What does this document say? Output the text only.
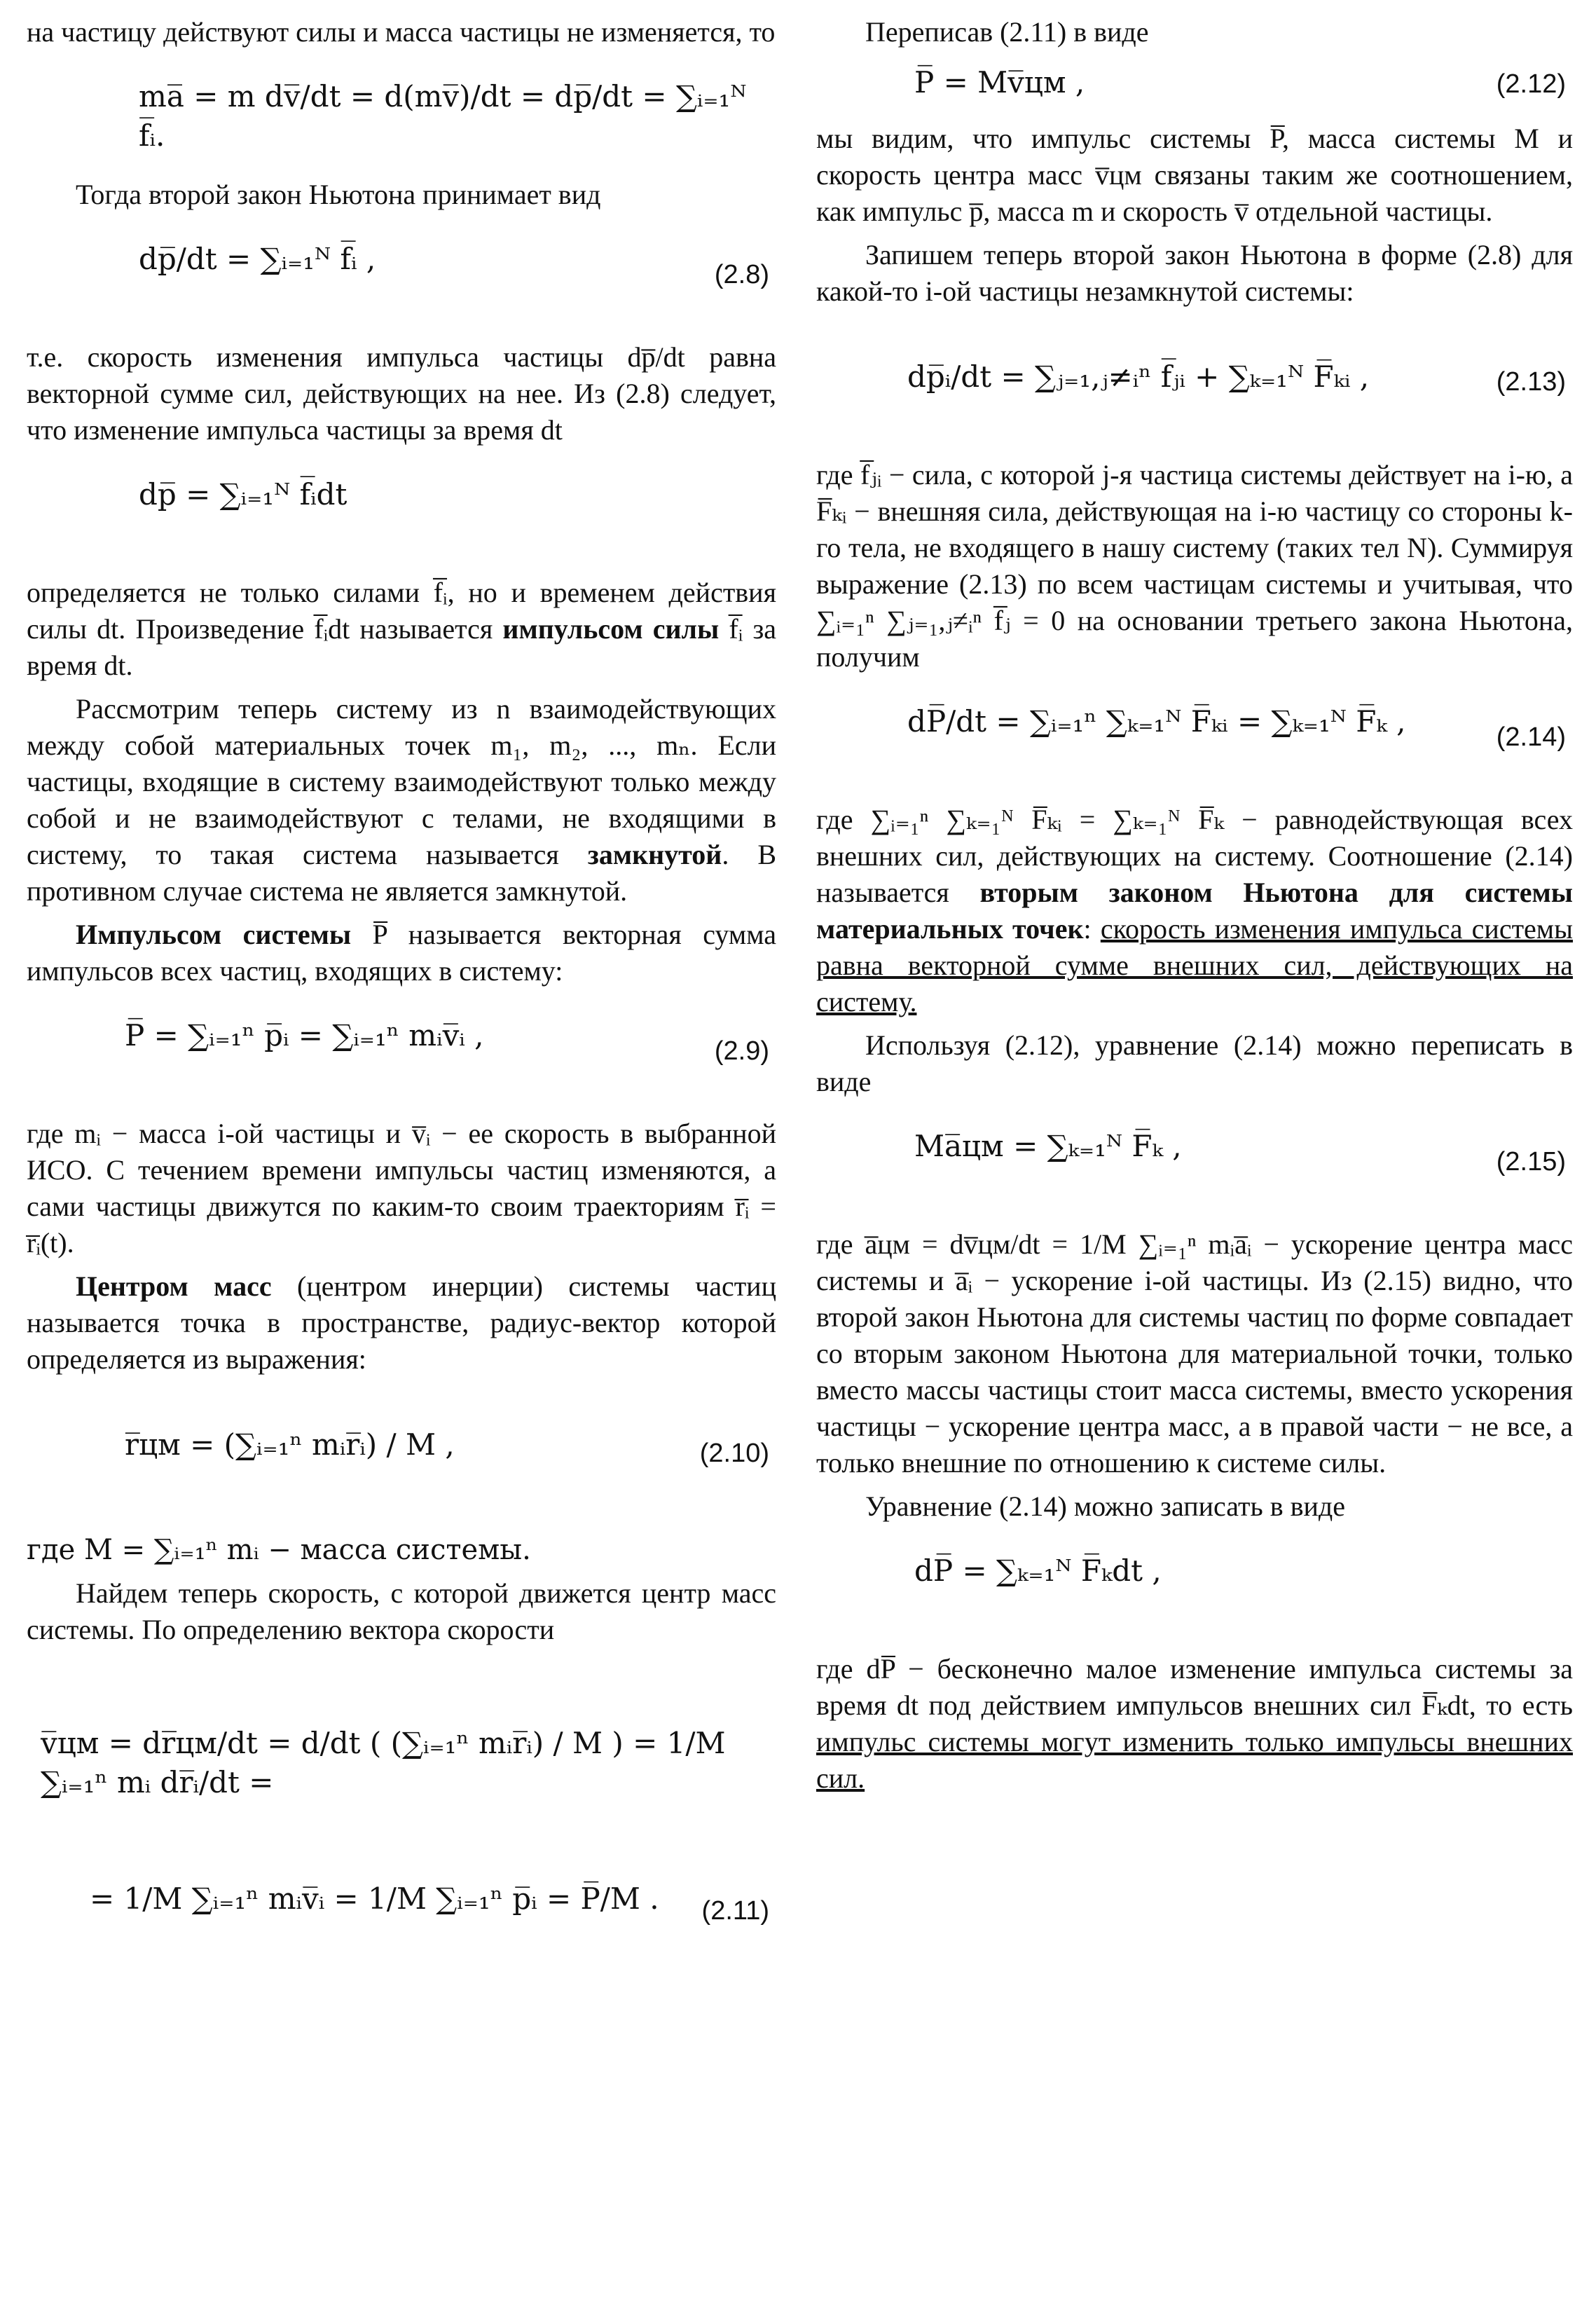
на частицу действуют силы и масса частицы не изменяется, то

ma̅ = m dv̅/dt = d(mv̅)/dt = dp̅/dt = ∑ᵢ₌₁ᴺ f̅ᵢ.

Тогда второй закон Ньютона принимает вид

dp̅/dt = ∑ᵢ₌₁ᴺ f̅ᵢ ,	(2.8)

т.е. скорость изменения импульса частицы dp̅/dt равна векторной сумме сил, действующих на нее. Из (2.8) следует, что изменение импульса частицы за время dt

dp̅ = ∑ᵢ₌₁ᴺ f̅ᵢdt

определяется не только силами f̅ᵢ, но и временем действия силы dt. Произведение f̅ᵢdt называется импульсом силы f̅ᵢ за время dt.

Рассмотрим теперь систему из n взаимодействующих между собой материальных точек m₁, m₂, ..., mₙ. Если частицы, входящие в систему взаимодействуют только между собой и не взаимодействуют с телами, не входящими в систему, то такая система называется замкнутой. В противном случае система не является замкнутой.

Импульсом системы P̅ называется векторная сумма импульсов всех частиц, входящих в систему:

P̅ = ∑ᵢ₌₁ⁿ p̅ᵢ = ∑ᵢ₌₁ⁿ mᵢv̅ᵢ ,	(2.9)

где mᵢ − масса i-ой частицы и v̅ᵢ − ее скорость в выбранной ИСО. С течением времени импульсы частиц изменяются, а сами частицы движутся по каким-то своим траекториям r̅ᵢ = r̅ᵢ(t).

Центром масс (центром инерции) системы частиц называется точка в пространстве, радиус-вектор которой определяется из выражения:

r̅цм = (∑ᵢ₌₁ⁿ mᵢr̅ᵢ) / M ,	(2.10)

где M = ∑ᵢ₌₁ⁿ mᵢ − масса системы.

Найдем теперь скорость, с которой движется центр масс системы. По определению вектора скорости

v̅цм = dr̅цм/dt = d/dt ( (∑ᵢ₌₁ⁿ mᵢr̅ᵢ) / M ) = 1/M ∑ᵢ₌₁ⁿ mᵢ dr̅ᵢ/dt =
= 1/M ∑ᵢ₌₁ⁿ mᵢv̅ᵢ = 1/M ∑ᵢ₌₁ⁿ p̅ᵢ = P̅/M . (2.11)

Переписав (2.11) в виде

P̅ = Mv̅цм ,	(2.12)

мы видим, что импульс системы P̅, масса системы M и скорость центра масс v̅цм связаны таким же соотношением, как импульс p̅, масса m и скорость v̅ отдельной частицы.

Запишем теперь второй закон Ньютона в форме (2.8) для какой-то i-ой частицы незамкнутой системы:

dp̅ᵢ/dt = ∑ⱼ₌₁,ⱼ≠ᵢⁿ f̅ⱼᵢ + ∑ₖ₌₁ᴺ F̅ₖᵢ ,	(2.13)

где f̅ⱼᵢ − сила, с которой j-я частица системы действует на i-ю, а F̅ₖᵢ − внешняя сила, действующая на i-ю частицу со стороны k-го тела, не входящего в нашу систему (таких тел N). Суммируя выражение (2.13) по всем частицам системы и учитывая, что ∑ᵢ₌₁ⁿ ∑ⱼ₌₁,ⱼ≠ᵢⁿ f̅ⱼ = 0 на основании третьего закона Ньютона, получим

dP̅/dt = ∑ᵢ₌₁ⁿ ∑ₖ₌₁ᴺ F̅ₖᵢ = ∑ₖ₌₁ᴺ F̅ₖ ,	(2.14)

где ∑ᵢ₌₁ⁿ ∑ₖ₌₁ᴺ F̅ₖᵢ = ∑ₖ₌₁ᴺ F̅ₖ − равнодействующая всех внешних сил, действующих на систему. Соотношение (2.14) называется вторым законом Ньютона для системы материальных точек: скорость изменения импульса системы равна векторной сумме внешних сил, действующих на систему.

Используя (2.12), уравнение (2.14) можно переписать в виде

Ma̅цм = ∑ₖ₌₁ᴺ F̅ₖ ,	(2.15)

где a̅цм = dv̅цм/dt = 1/M ∑ᵢ₌₁ⁿ mᵢa̅ᵢ − ускорение центра масс системы и a̅ᵢ − ускорение i-ой частицы. Из (2.15) видно, что второй закон Ньютона для системы частиц по форме совпадает со вторым законом Ньютона для материальной точки, только вместо массы частицы стоит масса системы, вместо ускорения частицы − ускорение центра масс, а в правой части − не все, а только внешние по отношению к системе силы.

Уравнение (2.14) можно записать в виде

dP̅ = ∑ₖ₌₁ᴺ F̅ₖdt ,

где dP̅ − бесконечно малое изменение импульса системы за время dt под действием импульсов внешних сил F̅ₖdt, то есть импульс системы могут изменить только импульсы внешних сил.
